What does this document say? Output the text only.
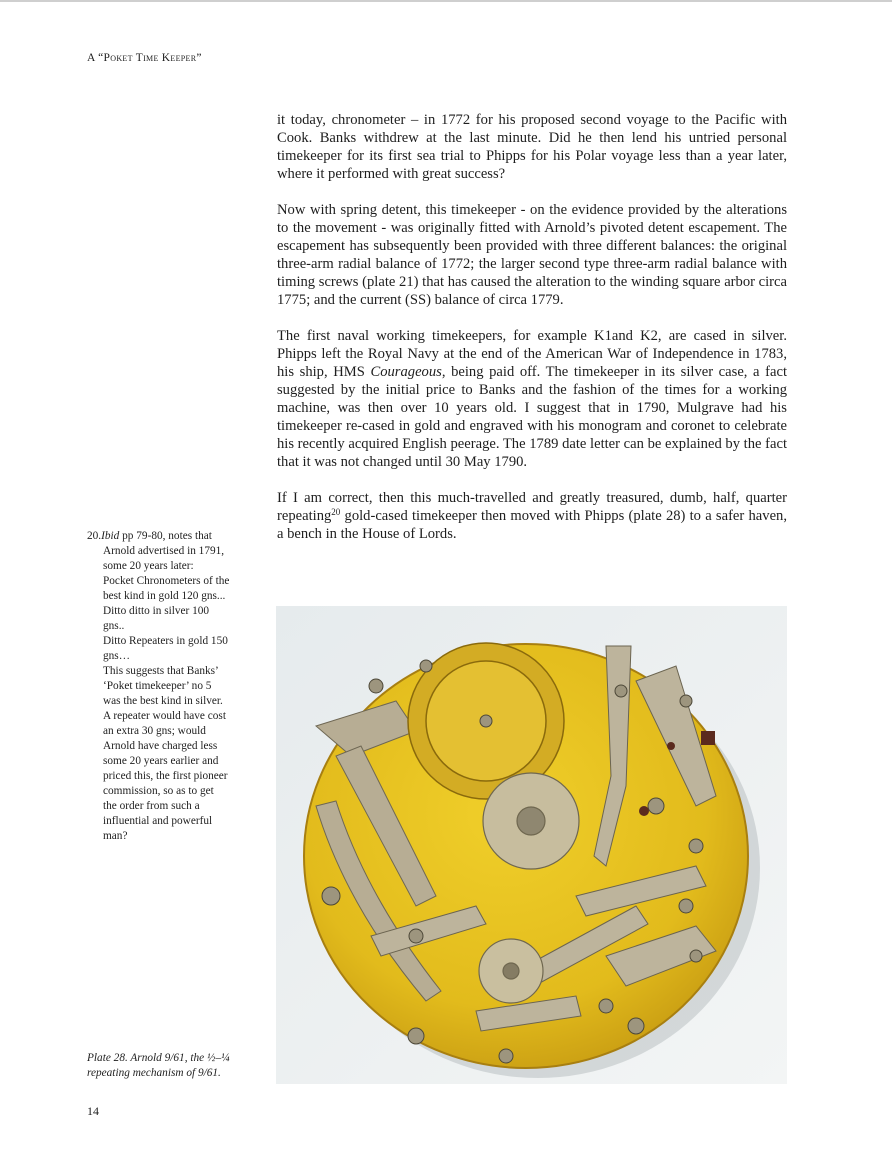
A “Poket Time Keeper”

it today, chronometer – in 1772 for his proposed second voyage to the Pacific with Cook. Banks withdrew at the last minute. Did he then lend his untried personal timekeeper for its first sea trial to Phipps for his Polar voyage less than a year later, where it performed with great success?

Now with spring detent, this timekeeper - on the evidence provided by the alterations to the movement - was originally fitted with Arnold’s pivoted detent escapement. The escapement has subsequently been provided with three different balances: the original three-arm radial balance of 1772; the larger second type three-arm radial balance with timing screws (plate 21) that has caused the alteration to the winding square arbor circa 1775; and the current (SS) balance of circa 1779.

The first naval working timekeepers, for example K1and K2, are cased in silver. Phipps left the Royal Navy at the end of the American War of Independence in 1783, his ship, HMS Courageous, being paid off. The timekeeper in its silver case, a fact suggested by the initial price to Banks and the fashion of the times for a working machine, was then over 10 years old. I suggest that in 1790, Mulgrave had his timekeeper re-cased in gold and engraved with his monogram and coronet to celebrate his recently acquired English peerage. The 1789 date letter can be explained by the fact that it was not changed until 30 May 1790.

If I am correct, then this much-travelled and greatly treasured, dumb, half, quarter repeating$^{20}$ gold-cased timekeeper then moved with Phipps (plate 28) to a safer haven, a bench in the House of Lords.

20.Ibid pp 79-80, notes that
Arnold advertised in 1791,
some 20 years later:
Pocket Chronometers of the
best kind in gold 120 gns...
Ditto ditto in silver 100
gns..
Ditto Repeaters in gold 150
gns…
This suggests that Banks’
‘Poket timekeeper’ no 5
was the best kind in silver.
A repeater would have cost
an extra 30 gns; would
Arnold have charged less
some 20 years earlier and
priced this, the first pioneer
commission, so as to get
the order from such a
influential and powerful
man?
Plate 28. Arnold 9/61, the ½–¼
repeating mechanism of 9/61.
14
